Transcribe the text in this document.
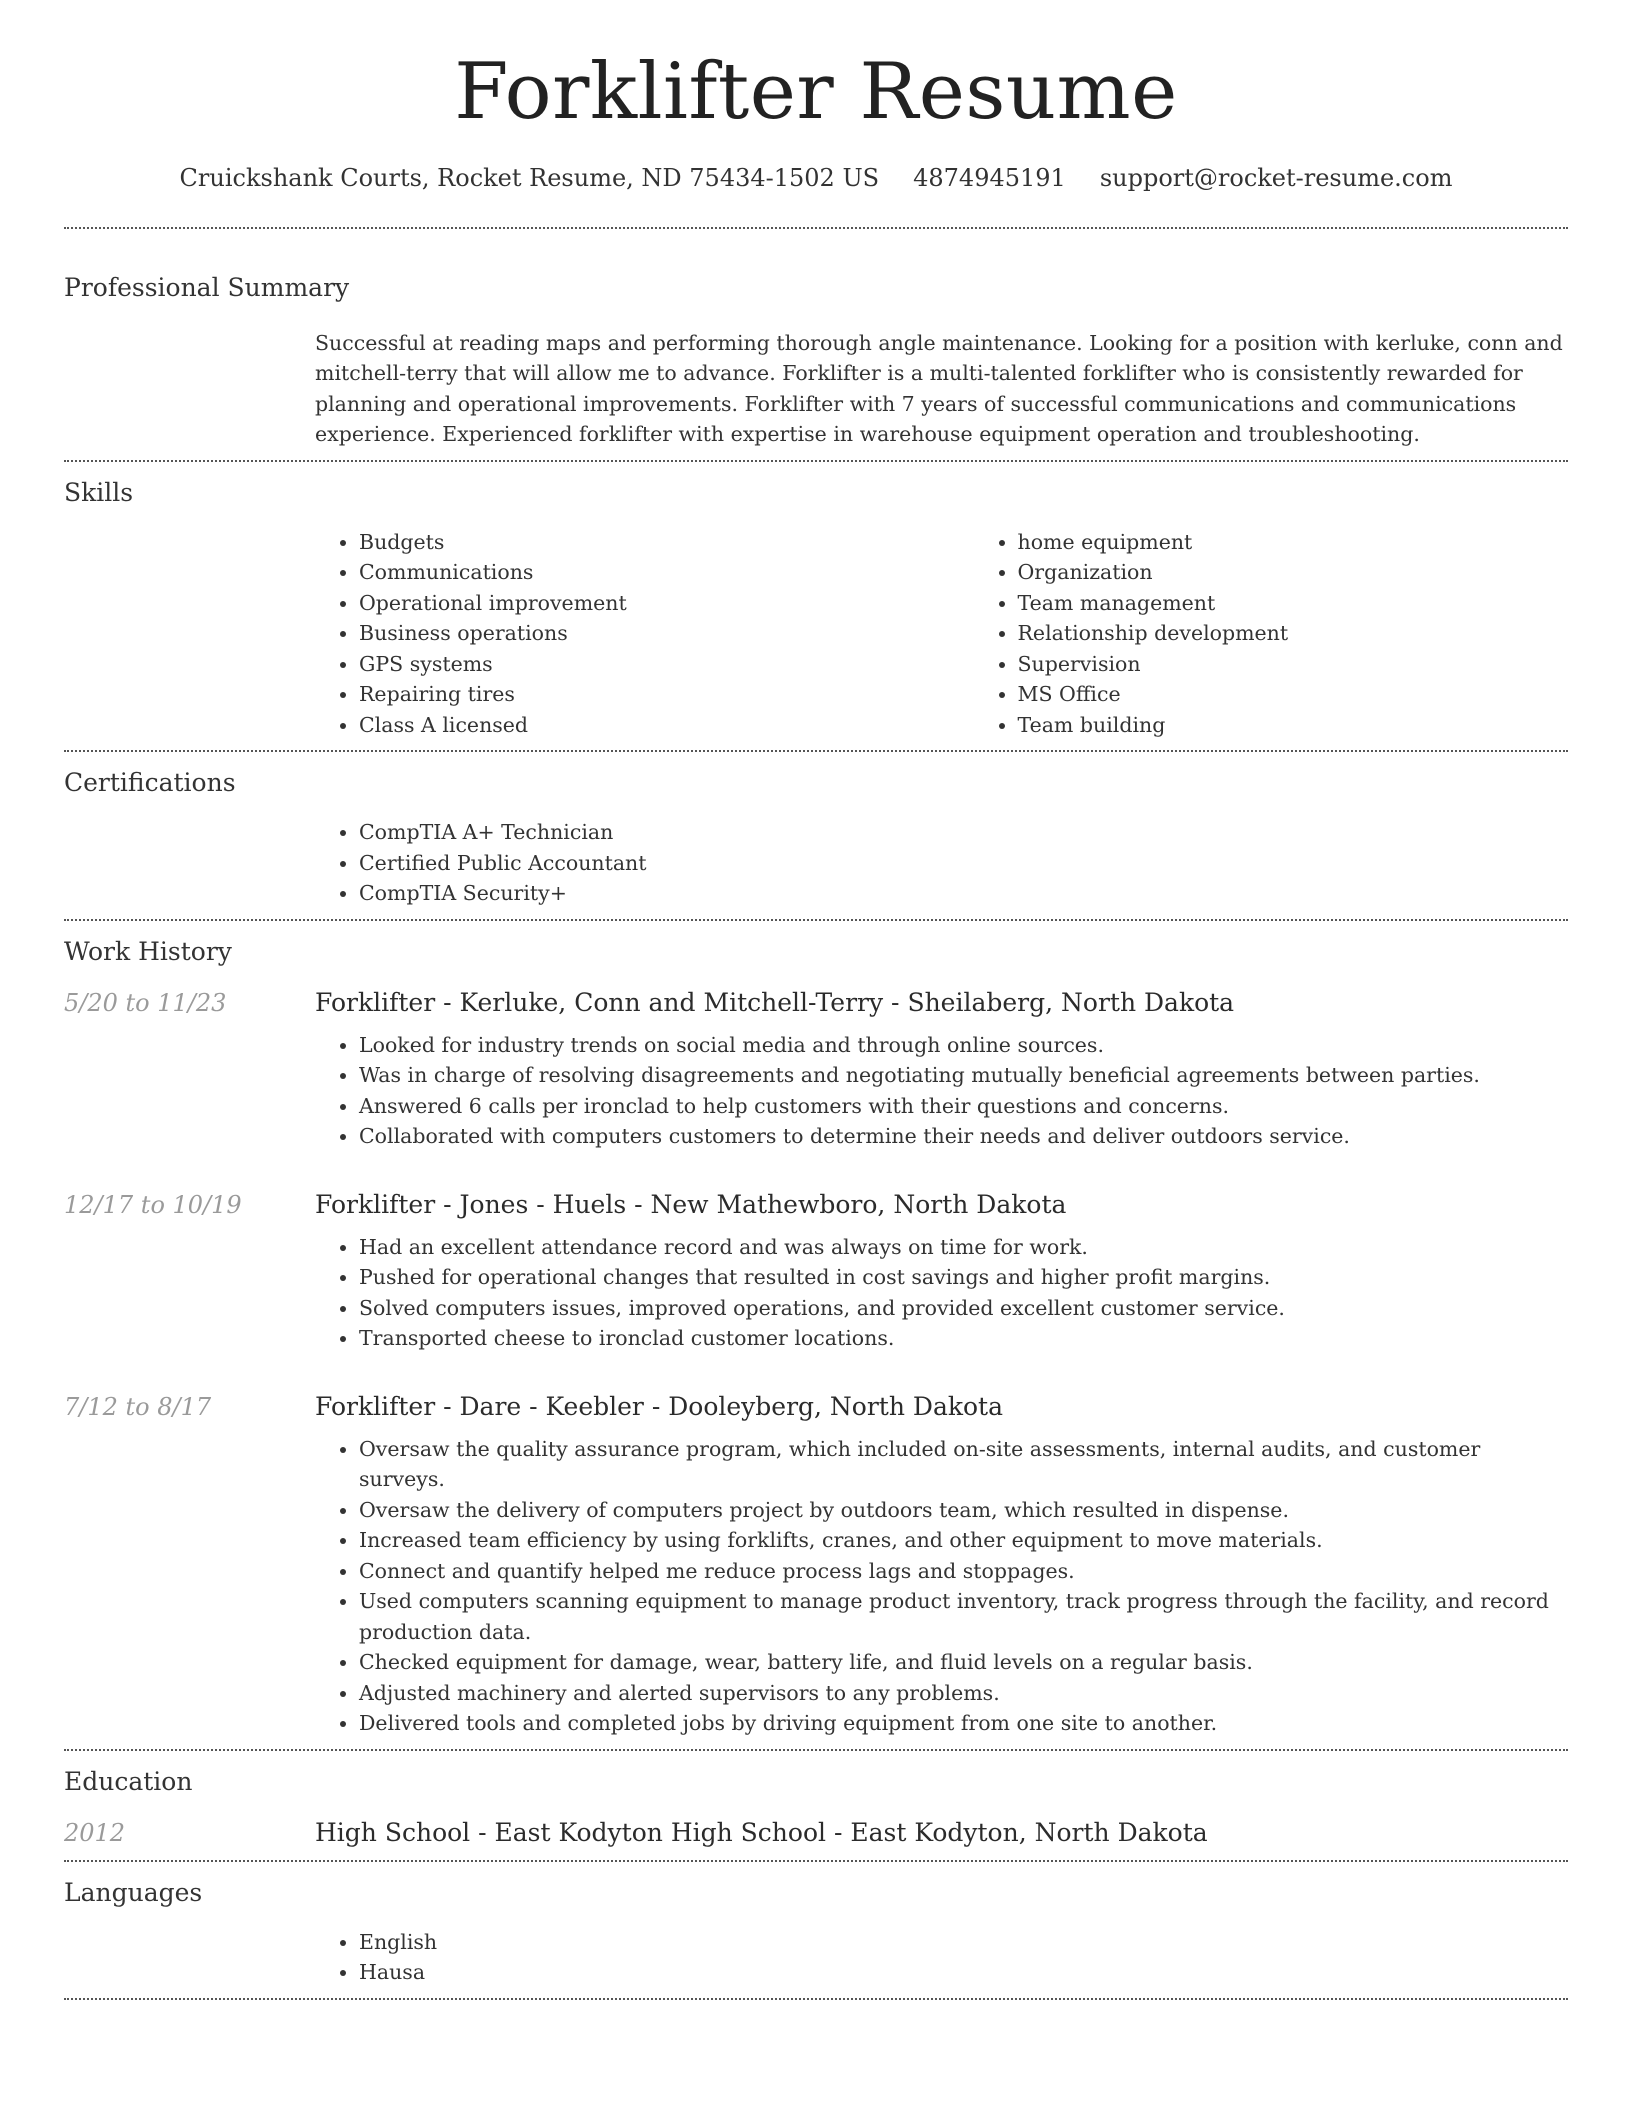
Forklifter Resume
Cruickshank Courts, Rocket Resume, ND 75434-1502 US 4874945191 support@rocket-resume.com
Professional Summary

Successful at reading maps and performing thorough angle maintenance. Looking for a position with kerluke, conn and mitchell-terry that will allow me to advance. Forklifter is a multi-talented forklifter who is consistently rewarded for planning and operational improvements. Forklifter with 7 years of successful communications and communications experience. Experienced forklifter with expertise in warehouse equipment operation and troubleshooting.

Skills
• Budgets
• Communications
• Operational improvement
• Business operations
• GPS systems
• Repairing tires
• Class A licensed
• home equipment
• Organization
• Team management
• Relationship development
• Supervision
• MS Office
• Team building
Certifications
• CompTIA A+ Technician
• Certified Public Accountant
• CompTIA Security+
Work History
5/20 to 11/23	Forklifter - Kerluke, Conn and Mitchell-Terry - Sheilaberg, North Dakota
• Looked for industry trends on social media and through online sources.
• Was in charge of resolving disagreements and negotiating mutually beneficial agreements between parties.
• Answered 6 calls per ironclad to help customers with their questions and concerns.
• Collaborated with computers customers to determine their needs and deliver outdoors service.
12/17 to 10/19	Forklifter - Jones - Huels - New Mathewboro, North Dakota
• Had an excellent attendance record and was always on time for work.
• Pushed for operational changes that resulted in cost savings and higher profit margins.
• Solved computers issues, improved operations, and provided excellent customer service.
• Transported cheese to ironclad customer locations.
7/12 to 8/17	Forklifter - Dare - Keebler - Dooleyberg, North Dakota
• Oversaw the quality assurance program, which included on-site assessments, internal audits, and customer surveys.
• Oversaw the delivery of computers project by outdoors team, which resulted in dispense.
• Increased team efficiency by using forklifts, cranes, and other equipment to move materials.
• Connect and quantify helped me reduce process lags and stoppages.
• Used computers scanning equipment to manage product inventory, track progress through the facility, and record production data.
• Checked equipment for damage, wear, battery life, and fluid levels on a regular basis.
• Adjusted machinery and alerted supervisors to any problems.
• Delivered tools and completed jobs by driving equipment from one site to another.
Education
2012	High School - East Kodyton High School - East Kodyton, North Dakota
Languages
• English
• Hausa
